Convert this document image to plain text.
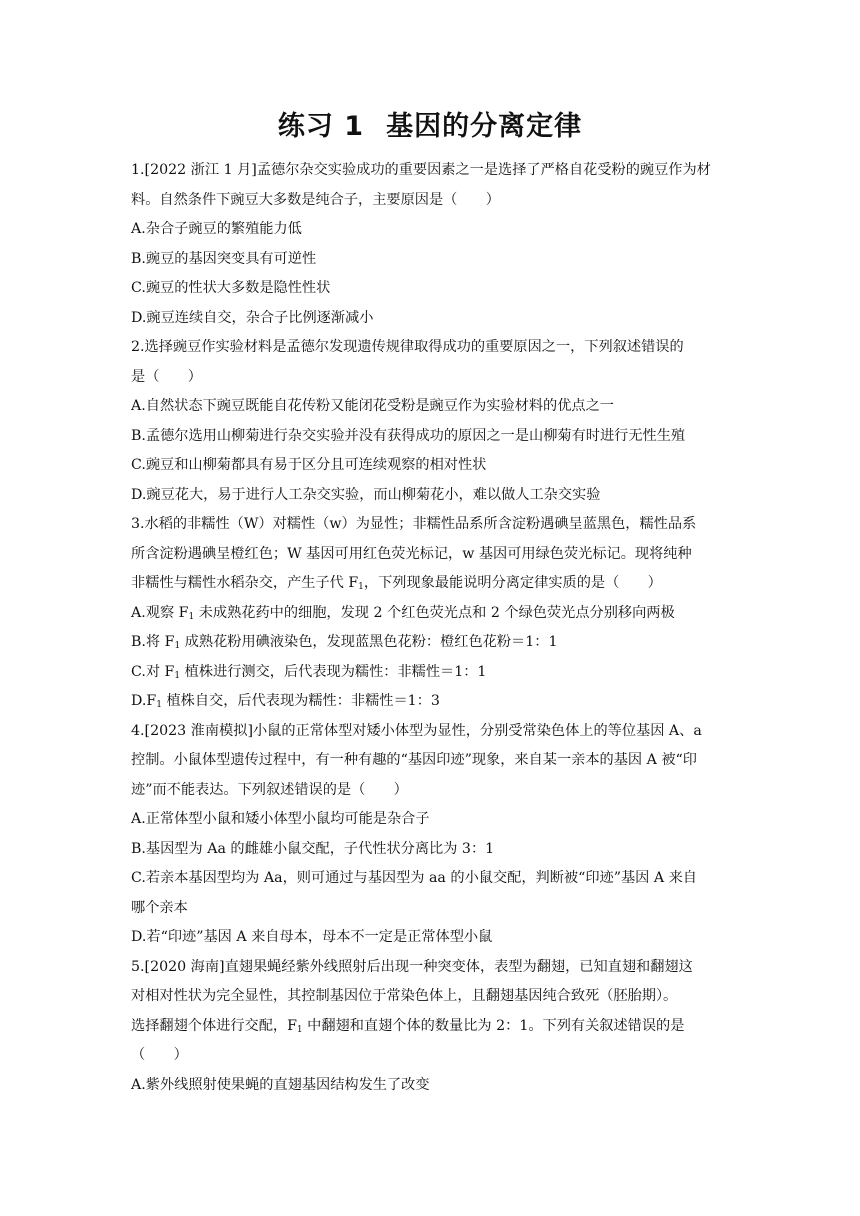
练习 1 基因的分离定律
1.[2022 浙江 1 月]孟德尔杂交实验成功的重要因素之一是选择了严格自花受粉的豌豆作为材
料。自然条件下豌豆大多数是纯合子，主要原因是（　　）
A.杂合子豌豆的繁殖能力低
B.豌豆的基因突变具有可逆性
C.豌豆的性状大多数是隐性性状
D.豌豆连续自交，杂合子比例逐渐减小
2.选择豌豆作实验材料是孟德尔发现遗传规律取得成功的重要原因之一，下列叙述错误的
是（　　）
A.自然状态下豌豆既能自花传粉又能闭花受粉是豌豆作为实验材料的优点之一
B.孟德尔选用山柳菊进行杂交实验并没有获得成功的原因之一是山柳菊有时进行无性生殖
C.豌豆和山柳菊都具有易于区分且可连续观察的相对性状
D.豌豆花大，易于进行人工杂交实验，而山柳菊花小，难以做人工杂交实验
3.水稻的非糯性（W）对糯性（w）为显性；非糯性品系所含淀粉遇碘呈蓝黑色，糯性品系
所含淀粉遇碘呈橙红色；W 基因可用红色荧光标记，w 基因可用绿色荧光标记。现将纯种
非糯性与糯性水稻杂交，产生子代 $F_1$，下列现象最能说明分离定律实质的是（　　）
A.观察 $F_1$ 未成熟花药中的细胞，发现 2 个红色荧光点和 2 个绿色荧光点分别移向两极
B.将 $F_1$ 成熟花粉用碘液染色，发现蓝黑色花粉：橙红色花粉＝1：1
C.对 $F_1$ 植株进行测交，后代表现为糯性：非糯性＝1：1
$D.F_1$ 植株自交，后代表现为糯性：非糯性＝1：3
4.[2023 淮南模拟]小鼠的正常体型对矮小体型为显性，分别受常染色体上的等位基因 A、a
控制。小鼠体型遗传过程中，有一种有趣的“基因印迹”现象，来自某一亲本的基因 A 被“印
迹”而不能表达。下列叙述错误的是（　　）
A.正常体型小鼠和矮小体型小鼠均可能是杂合子
B.基因型为 Aa 的雌雄小鼠交配，子代性状分离比为 3：1
C.若亲本基因型均为 Aa，则可通过与基因型为 aa 的小鼠交配，判断被“印迹”基因 A 来自
哪个亲本
D.若“印迹”基因 A 来自母本，母本不一定是正常体型小鼠
5.[2020 海南]直翅果蝇经紫外线照射后出现一种突变体，表型为翻翅，已知直翅和翻翅这
对相对性状为完全显性，其控制基因位于常染色体上，且翻翅基因纯合致死（胚胎期）。
选择翻翅个体进行交配，$F_1$ 中翻翅和直翅个体的数量比为 2：1。下列有关叙述错误的是
（　　）
A.紫外线照射使果蝇的直翅基因结构发生了改变
